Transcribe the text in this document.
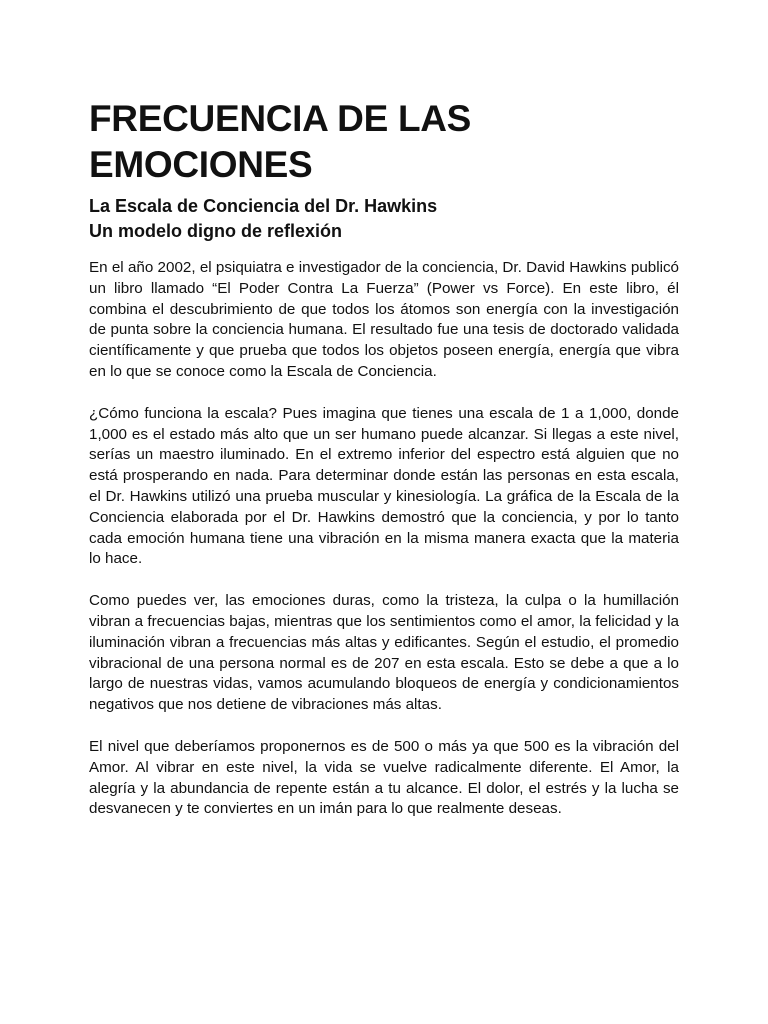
FRECUENCIA DE LAS
EMOCIONES
La Escala de Conciencia del Dr. Hawkins
Un modelo digno de reflexión

En el año 2002, el psiquiatra e investigador de la conciencia, Dr. David Hawkins publicó un libro llamado “El Poder Contra La Fuerza” (Power vs Force). En este libro, él combina el descubrimiento de que todos los átomos son energía con la investigación de punta sobre la conciencia humana. El resultado fue una tesis de doctorado validada científicamente y que prueba que todos los objetos poseen energía, energía que vibra en lo que se conoce como la Escala de Conciencia.

¿Cómo funciona la escala? Pues imagina que tienes una escala de 1 a 1,000, donde 1,000 es el estado más alto que un ser humano puede alcanzar. Si llegas a este nivel, serías un maestro iluminado. En el extremo inferior del espectro está alguien que no está prosperando en nada. Para determinar donde están las personas en esta escala, el Dr. Hawkins utilizó una prueba muscular y kinesiología. La gráfica de la Escala de la Conciencia elaborada por el Dr. Hawkins demostró que la conciencia, y por lo tanto cada emoción humana tiene una vibración en la misma manera exacta que la materia lo hace.

Como puedes ver, las emociones duras, como la tristeza, la culpa o la humillación vibran a frecuencias bajas, mientras que los sentimientos como el amor, la felicidad y la iluminación vibran a frecuencias más altas y edificantes. Según el estudio, el promedio vibracional de una persona normal es de 207 en esta escala. Esto se debe a que a lo largo de nuestras vidas, vamos acumulando bloqueos de energía y condicionamientos negativos que nos detiene de vibraciones más altas.

El nivel que deberíamos proponernos es de 500 o más ya que 500 es la vibración del Amor. Al vibrar en este nivel, la vida se vuelve radicalmente diferente. El Amor, la alegría y la abundancia de repente están a tu alcance. El dolor, el estrés y la lucha se desvanecen y te conviertes en un imán para lo que realmente deseas.
